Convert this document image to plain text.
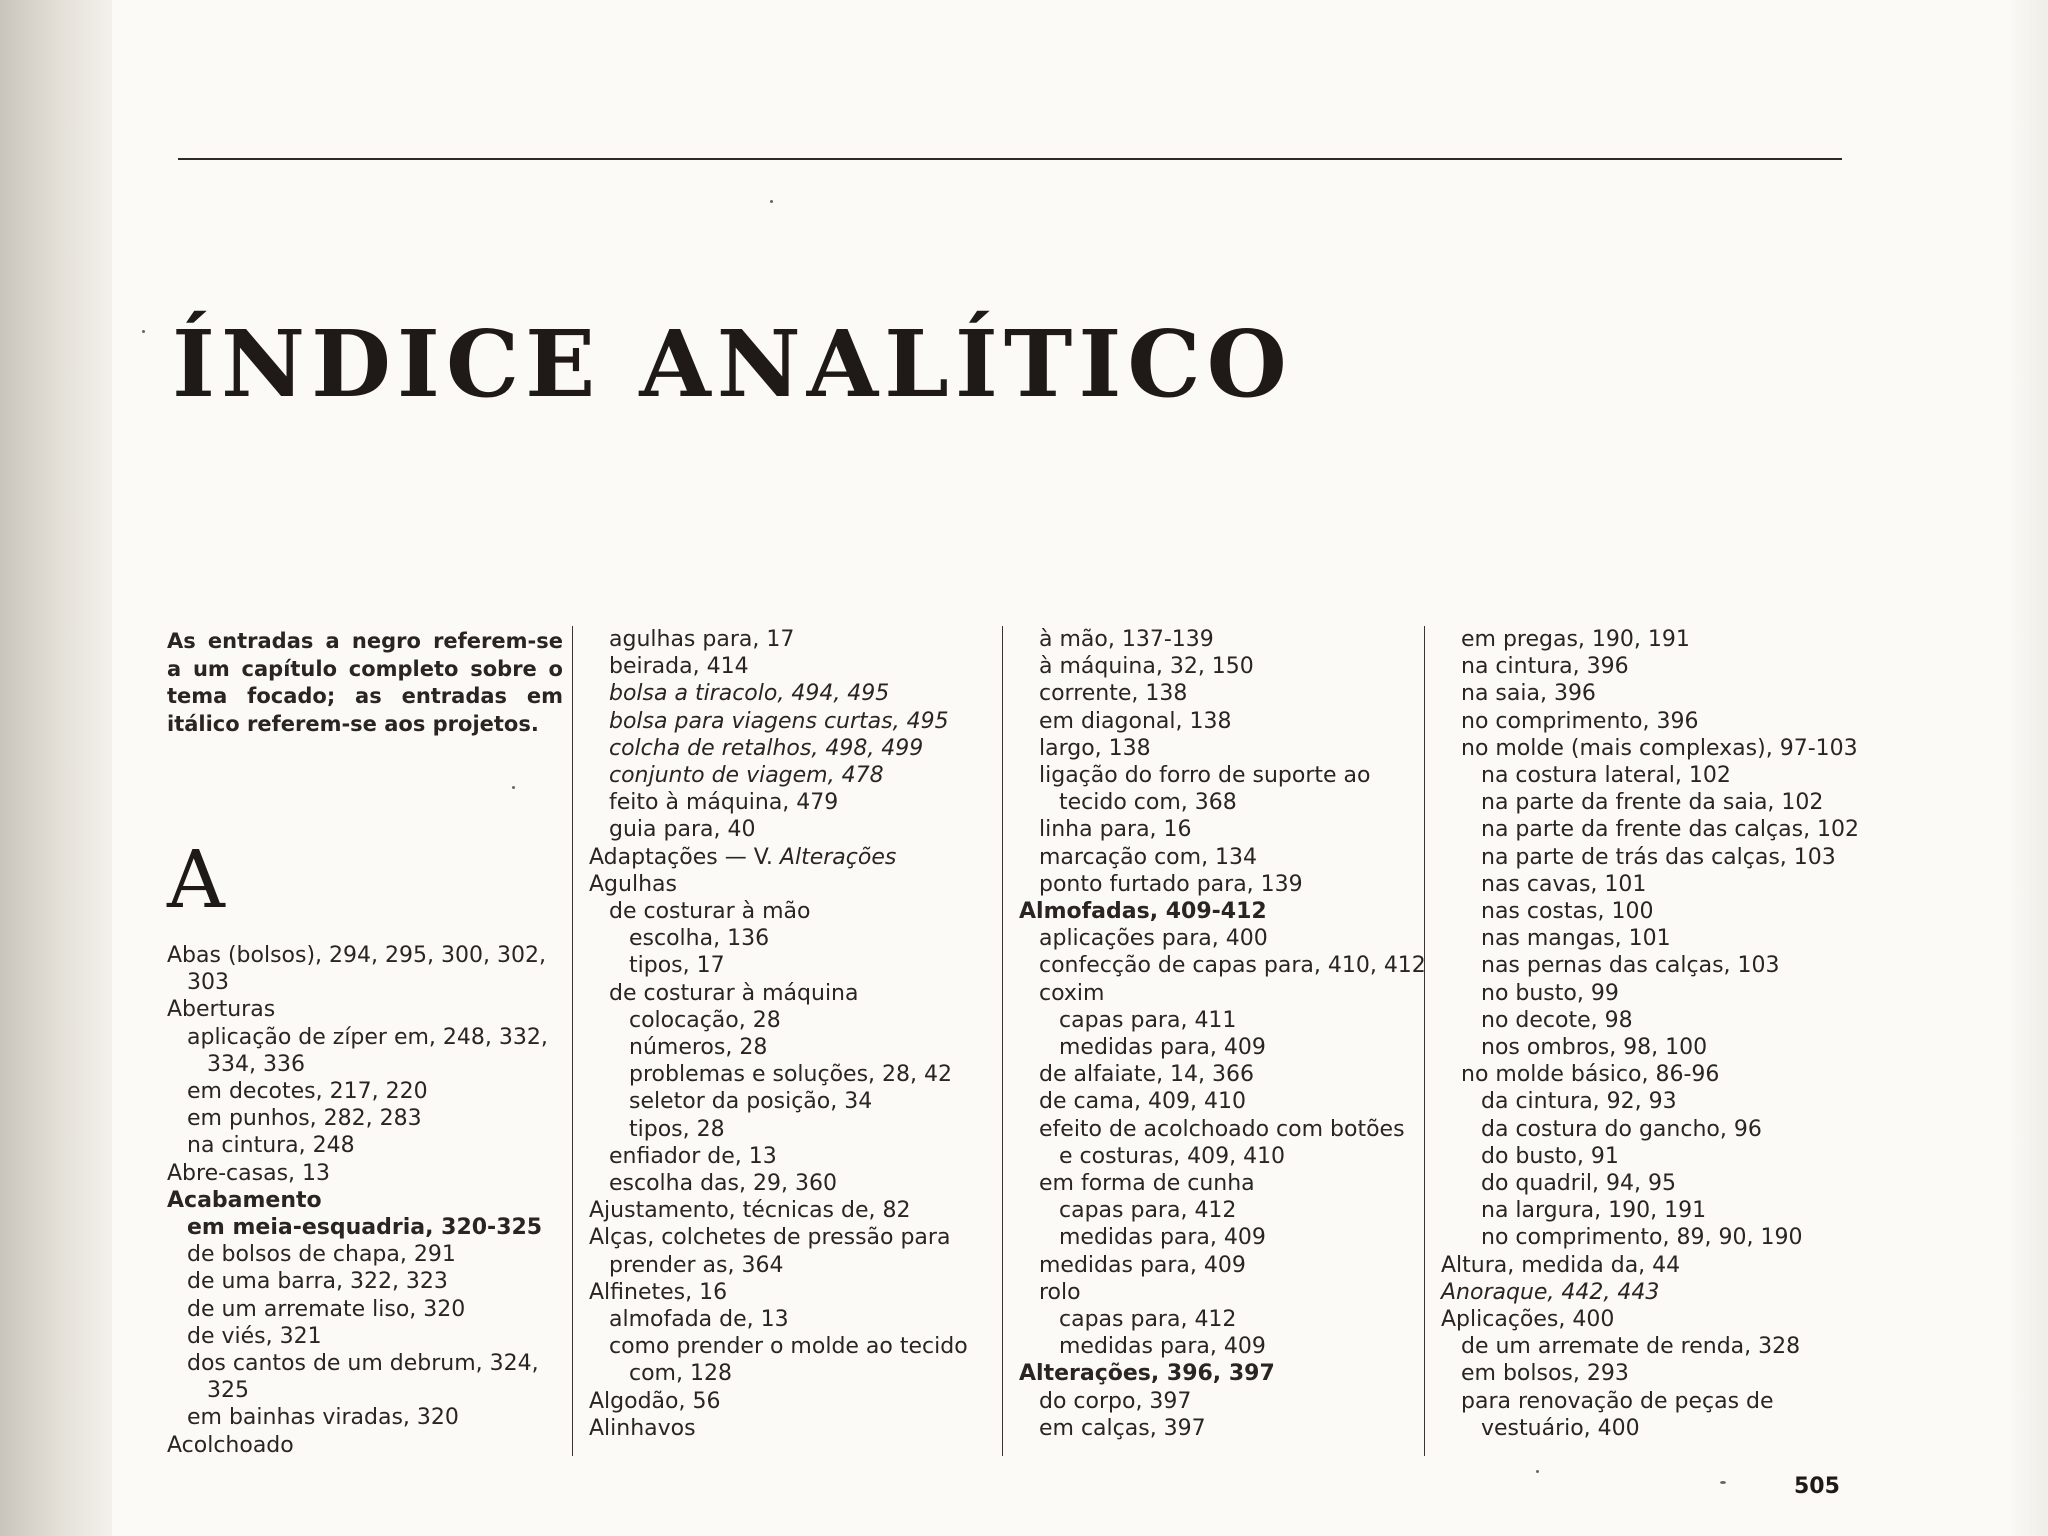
ÍNDICE ANALÍTICO
As entradas a negro referem-se a um capítulo completo sobre o tema focado; as entradas em itálico referem-se aos projetos.
A
Abas (bolsos), 294, 295, 300, 302,
303
Aberturas
aplicação de zíper em, 248, 332,
334, 336
em decotes, 217, 220
em punhos, 282, 283
na cintura, 248
Abre-casas, 13
Acabamento
em meia-esquadria, 320-325
de bolsos de chapa, 291
de uma barra, 322, 323
de um arremate liso, 320
de viés, 321
dos cantos de um debrum, 324,
325
em bainhas viradas, 320
Acolchoado
agulhas para, 17
beirada, 414
bolsa a tiracolo, 494, 495
bolsa para viagens curtas, 495
colcha de retalhos, 498, 499
conjunto de viagem, 478
feito à máquina, 479
guia para, 40
Adaptações — V. Alterações
Agulhas
de costurar à mão
escolha, 136
tipos, 17
de costurar à máquina
colocação, 28
números, 28
problemas e soluções, 28, 42
seletor da posição, 34
tipos, 28
enfiador de, 13
escolha das, 29, 360
Ajustamento, técnicas de, 82
Alças, colchetes de pressão para
prender as, 364
Alfinetes, 16
almofada de, 13
como prender o molde ao tecido
com, 128
Algodão, 56
Alinhavos
à mão, 137-139
à máquina, 32, 150
corrente, 138
em diagonal, 138
largo, 138
ligação do forro de suporte ao
tecido com, 368
linha para, 16
marcação com, 134
ponto furtado para, 139
Almofadas, 409-412
aplicações para, 400
confecção de capas para, 410, 412
coxim
capas para, 411
medidas para, 409
de alfaiate, 14, 366
de cama, 409, 410
efeito de acolchoado com botões
e costuras, 409, 410
em forma de cunha
capas para, 412
medidas para, 409
medidas para, 409
rolo
capas para, 412
medidas para, 409
Alterações, 396, 397
do corpo, 397
em calças, 397
em pregas, 190, 191
na cintura, 396
na saia, 396
no comprimento, 396
no molde (mais complexas), 97-103
na costura lateral, 102
na parte da frente da saia, 102
na parte da frente das calças, 102
na parte de trás das calças, 103
nas cavas, 101
nas costas, 100
nas mangas, 101
nas pernas das calças, 103
no busto, 99
no decote, 98
nos ombros, 98, 100
no molde básico, 86-96
da cintura, 92, 93
da costura do gancho, 96
do busto, 91
do quadril, 94, 95
na largura, 190, 191
no comprimento, 89, 90, 190
Altura, medida da, 44
Anoraque, 442, 443
Aplicações, 400
de um arremate de renda, 328
em bolsos, 293
para renovação de peças de
vestuário, 400
505
